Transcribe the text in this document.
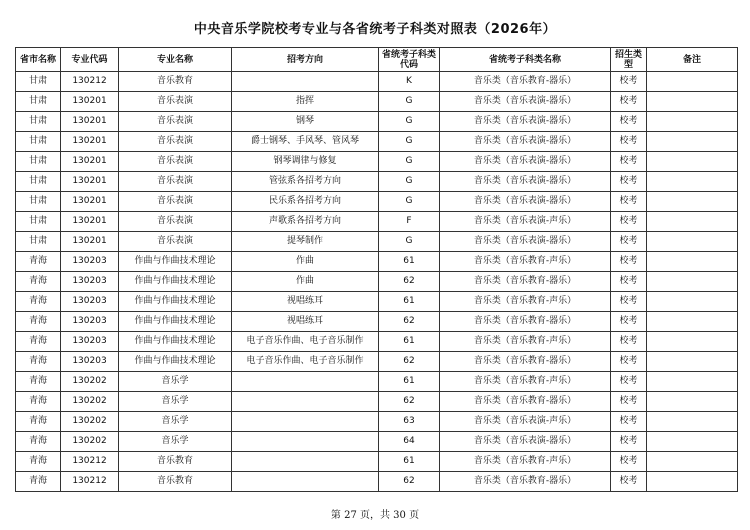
中央音乐学院校考专业与各省统考子科类对照表（2026年）
省市名称	专业代码	专业名称	招考方向	省统考子科类代码	省统考子科类名称	招生类型	备注
甘肃	130212	音乐教育		K	音乐类（音乐教育-器乐）	校考	
甘肃	130201	音乐表演	指挥	G	音乐类（音乐表演-器乐）	校考	
甘肃	130201	音乐表演	钢琴	G	音乐类（音乐表演-器乐）	校考	
甘肃	130201	音乐表演	爵士钢琴、手风琴、管风琴	G	音乐类（音乐表演-器乐）	校考	
甘肃	130201	音乐表演	钢琴调律与修复	G	音乐类（音乐表演-器乐）	校考	
甘肃	130201	音乐表演	管弦系各招考方向	G	音乐类（音乐表演-器乐）	校考	
甘肃	130201	音乐表演	民乐系各招考方向	G	音乐类（音乐表演-器乐）	校考	
甘肃	130201	音乐表演	声歌系各招考方向	F	音乐类（音乐表演-声乐）	校考	
甘肃	130201	音乐表演	提琴制作	G	音乐类（音乐表演-器乐）	校考	
青海	130203	作曲与作曲技术理论	作曲	61	音乐类（音乐教育-声乐）	校考	
青海	130203	作曲与作曲技术理论	作曲	62	音乐类（音乐教育-器乐）	校考	
青海	130203	作曲与作曲技术理论	视唱练耳	61	音乐类（音乐教育-声乐）	校考	
青海	130203	作曲与作曲技术理论	视唱练耳	62	音乐类（音乐教育-器乐）	校考	
青海	130203	作曲与作曲技术理论	电子音乐作曲、电子音乐制作	61	音乐类（音乐教育-声乐）	校考	
青海	130203	作曲与作曲技术理论	电子音乐作曲、电子音乐制作	62	音乐类（音乐教育-器乐）	校考	
青海	130202	音乐学		61	音乐类（音乐教育-声乐）	校考	
青海	130202	音乐学		62	音乐类（音乐教育-器乐）	校考	
青海	130202	音乐学		63	音乐类（音乐表演-声乐）	校考	
青海	130202	音乐学		64	音乐类（音乐表演-器乐）	校考	
青海	130212	音乐教育		61	音乐类（音乐教育-声乐）	校考	
青海	130212	音乐教育		62	音乐类（音乐教育-器乐）	校考	
第 27 页，共 30 页
